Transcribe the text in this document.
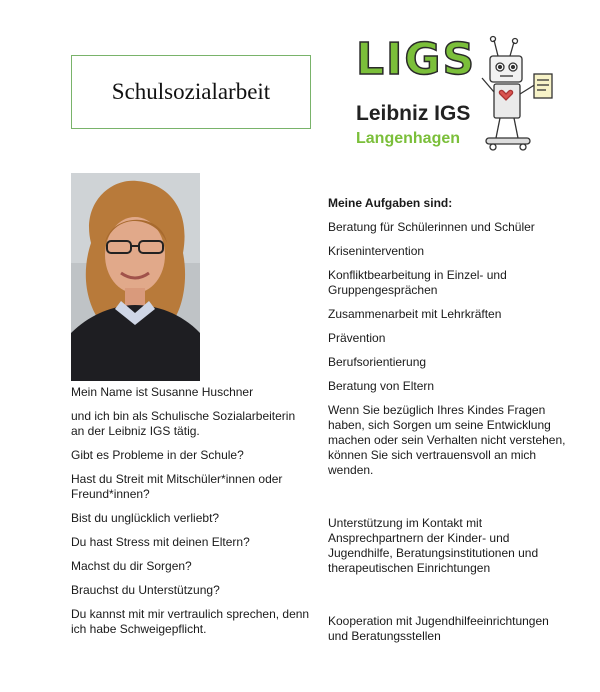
Schulsozialarbeit
LIGS
Leibniz IGS
Langenhagen

Mein Name ist Susanne Huschner

und ich bin als Schulische Sozialarbeiterin an der Leibniz IGS tätig.

Gibt es Probleme in der Schule?

Hast du Streit mit Mitschüler*innen oder Freund*innen?

Bist du unglücklich verliebt?

Du hast Stress mit deinen Eltern?

Machst du dir Sorgen?

Brauchst du Unterstützung?

Du kannst mit mir vertraulich sprechen, denn ich habe Schweigepflicht.

Meine Aufgaben sind:

Beratung für Schülerinnen und Schüler

Krisenintervention

Konfliktbearbeitung in Einzel- und Gruppengesprächen

Zusammenarbeit mit Lehrkräften

Prävention

Berufsorientierung

Beratung von Eltern

Wenn Sie bezüglich Ihres Kindes Fragen haben, sich Sorgen um seine Entwicklung machen oder sein Verhalten nicht verstehen, können Sie sich vertrauensvoll an mich wenden.

Unterstützung im Kontakt mit Ansprechpartnern der Kinder- und Jugendhilfe, Beratungsinstitutionen und therapeutischen Einrichtungen

Kooperation mit Jugendhilfeeinrichtungen und Beratungsstellen
